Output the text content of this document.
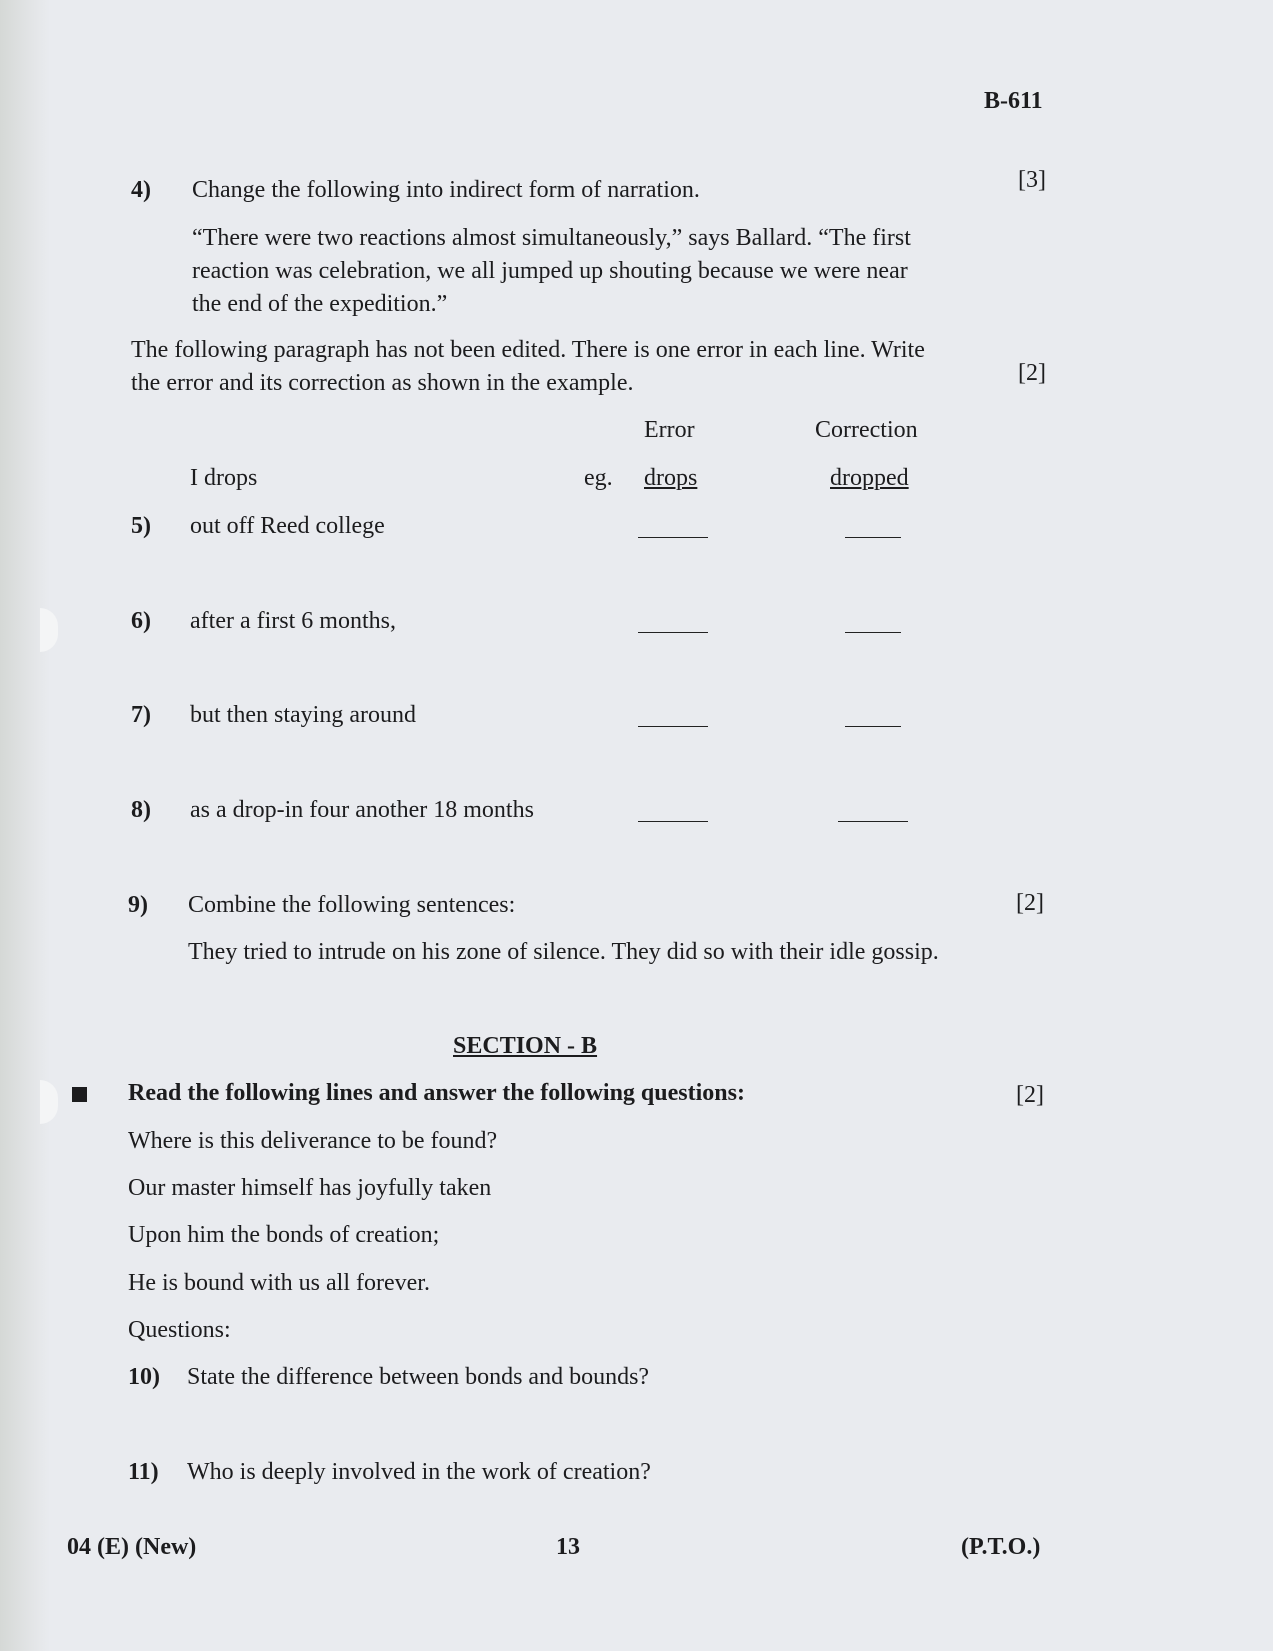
B-611
4) Change the following into indirect form of narration.	[3]
“There were two reactions almost simultaneously,” says Ballard. “The first
reaction was celebration, we all jumped up shouting because we were near
the end of the expedition.”
The following paragraph has not been edited. There is one error in each line. Write
the error and its correction as shown in the example.	[2]
Error	Correction
I drops	eg. drops	dropped
5) out off Reed college
6) after a first 6 months,
7) but then staying around
8) as a drop-in four another 18 months
9) Combine the following sentences:	[2]
They tried to intrude on his zone of silence. They did so with their idle gossip.
SECTION - B
Read the following lines and answer the following questions:	[2]
Where is this deliverance to be found?
Our master himself has joyfully taken
Upon him the bonds of creation;
He is bound with us all forever.
Questions:
10) State the difference between bonds and bounds?
11) Who is deeply involved in the work of creation?
04 (E) (New)	13	(P.T.O.)
